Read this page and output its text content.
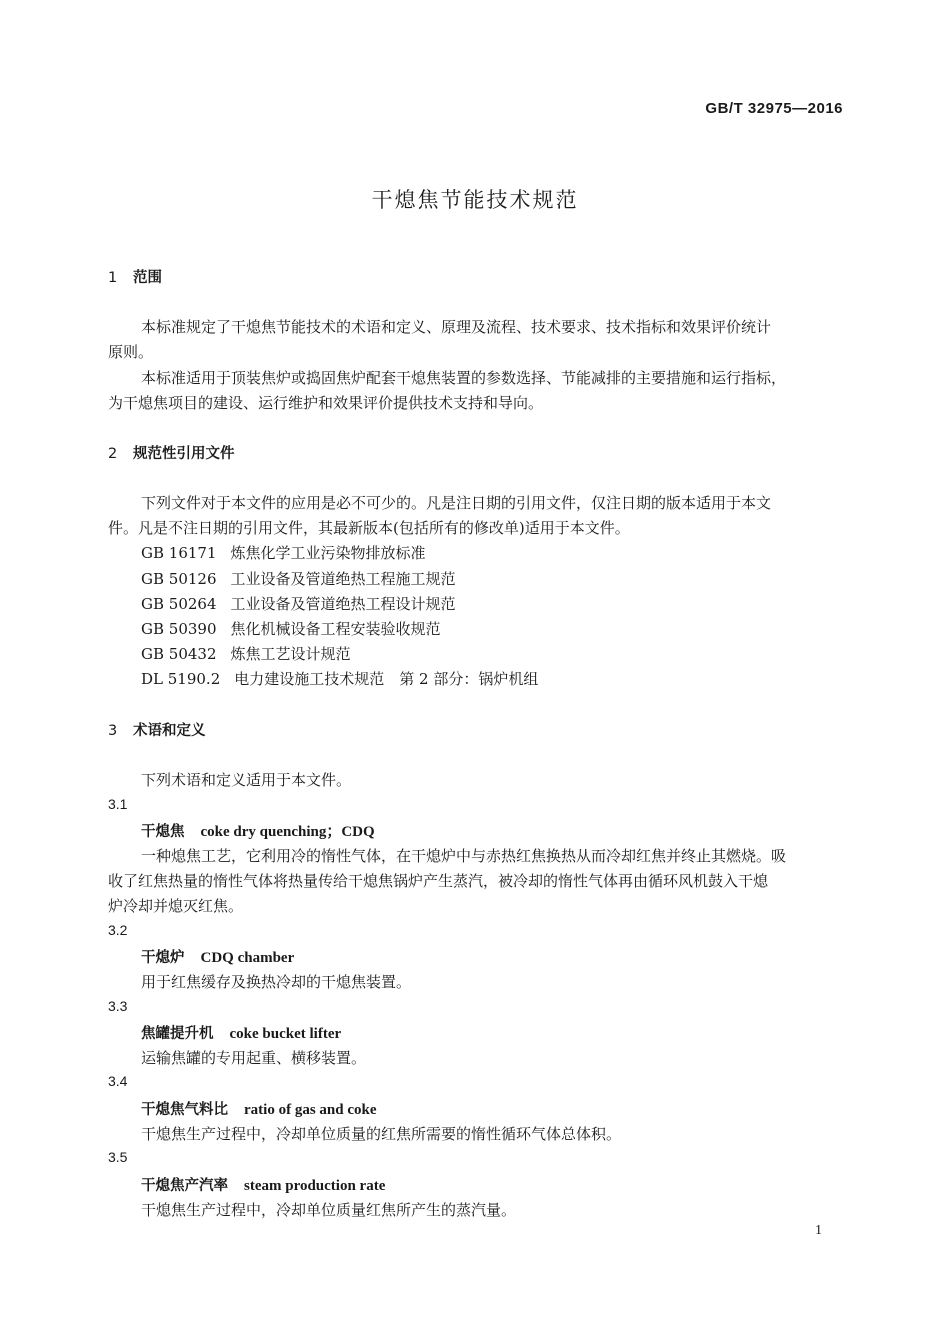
GB/T 32975—2016
干熄焦节能技术规范
1 范围
本标准规定了干熄焦节能技术的术语和定义、原理及流程、技术要求、技术指标和效果评价统计
原则。
本标准适用于顶装焦炉或捣固焦炉配套干熄焦装置的参数选择、节能减排的主要措施和运行指标，
为干熄焦项目的建设、运行维护和效果评价提供技术支持和导向。
2 规范性引用文件
下列文件对于本文件的应用是必不可少的。凡是注日期的引用文件，仅注日期的版本适用于本文
件。凡是不注日期的引用文件，其最新版本(包括所有的修改单)适用于本文件。
GB 16171 炼焦化学工业污染物排放标准
GB 50126 工业设备及管道绝热工程施工规范
GB 50264 工业设备及管道绝热工程设计规范
GB 50390 焦化机械设备工程安装验收规范
GB 50432 炼焦工艺设计规范
DL 5190.2 电力建设施工技术规范　第 2 部分：锅炉机组
3 术语和定义
下列术语和定义适用于本文件。
3.1
干熄焦 coke dry quenching；CDQ
一种熄焦工艺，它利用冷的惰性气体，在干熄炉中与赤热红焦换热从而冷却红焦并终止其燃烧。吸
收了红焦热量的惰性气体将热量传给干熄焦锅炉产生蒸汽，被冷却的惰性气体再由循环风机鼓入干熄
炉冷却并熄灭红焦。
3.2
干熄炉 CDQ chamber
用于红焦缓存及换热冷却的干熄焦装置。
3.3
焦罐提升机 coke bucket lifter
运输焦罐的专用起重、横移装置。
3.4
干熄焦气料比 ratio of gas and coke
干熄焦生产过程中，冷却单位质量的红焦所需要的惰性循环气体总体积。
3.5
干熄焦产汽率 steam production rate
干熄焦生产过程中，冷却单位质量红焦所产生的蒸汽量。
1
